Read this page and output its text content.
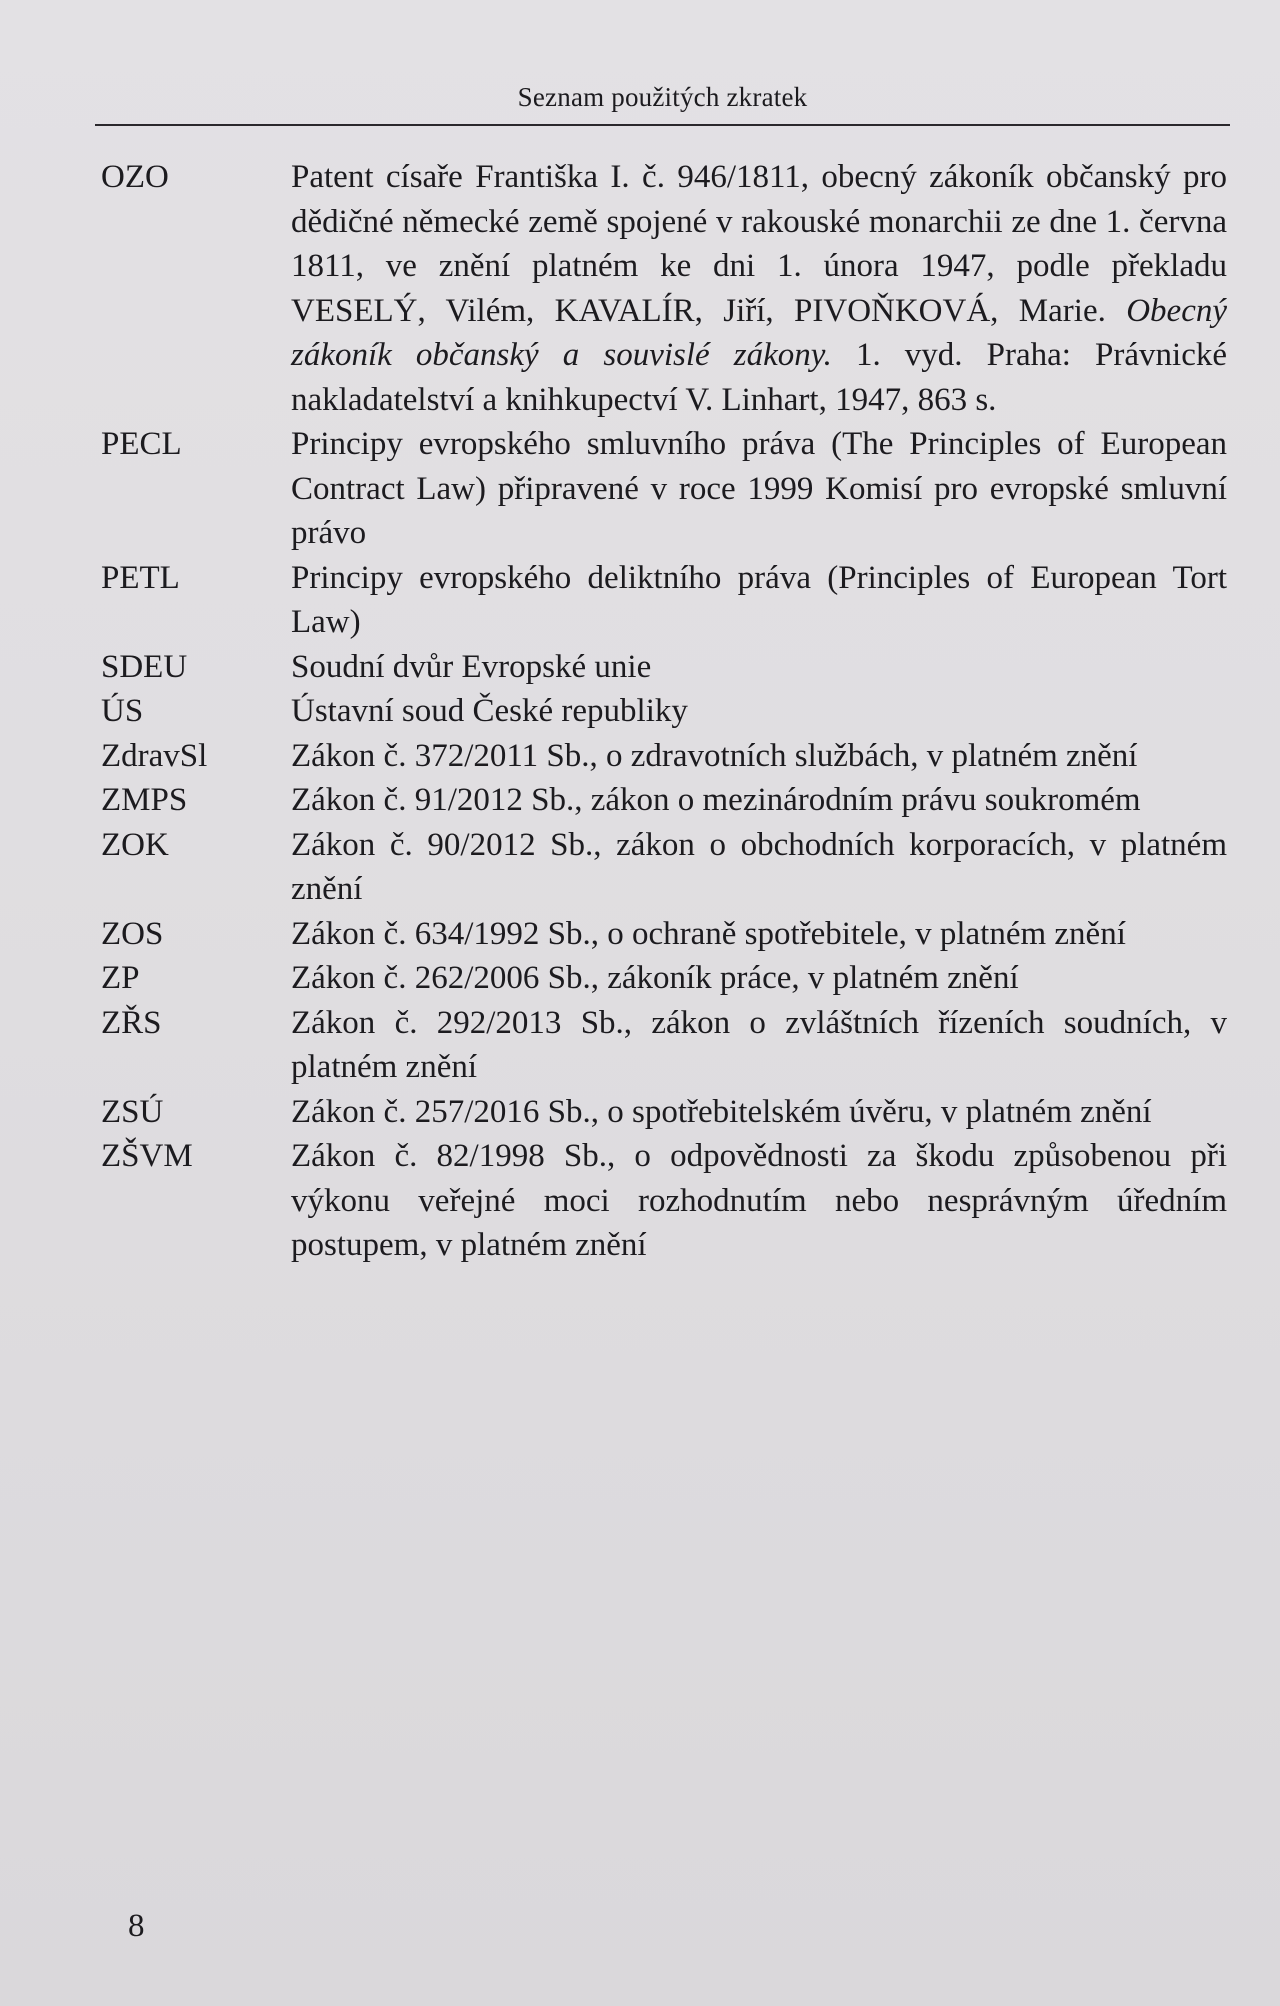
Seznam použitých zkratek
OZO	Patent císaře Františka I. č. 946/1811, obecný zákoník občanský pro dědičné německé země spojené v rakouské monarchii ze dne 1. června 1811, ve znění platném ke dni 1. února 1947, podle překladu VESELÝ, Vilém, KAVALÍR, Jiří, PIVOŇKOVÁ, Marie. Obecný zákoník občanský a souvislé zákony. 1. vyd. Praha: Právnické nakladatelství a knihkupectví V. Linhart, 1947, 863 s.
PECL	Principy evropského smluvního práva (The Principles of European Contract Law) připravené v roce 1999 Komisí pro evropské smluvní právo
PETL	Principy evropského deliktního práva (Principles of European Tort Law)
SDEU	Soudní dvůr Evropské unie
ÚS	Ústavní soud České republiky
ZdravSl	Zákon č. 372/2011 Sb., o zdravotních službách, v platném znění
ZMPS	Zákon č. 91/2012 Sb., zákon o mezinárodním právu soukromém
ZOK	Zákon č. 90/2012 Sb., zákon o obchodních korporacích, v platném znění
ZOS	Zákon č. 634/1992 Sb., o ochraně spotřebitele, v platném znění
ZP	Zákon č. 262/2006 Sb., zákoník práce, v platném znění
ZŘS	Zákon č. 292/2013 Sb., zákon o zvláštních řízeních soudních, v platném znění
ZSÚ	Zákon č. 257/2016 Sb., o spotřebitelském úvěru, v platném znění
ZŠVM	Zákon č. 82/1998 Sb., o odpovědnosti za škodu způsobenou při výkonu veřejné moci rozhodnutím nebo nesprávným úředním postupem, v platném znění
8
